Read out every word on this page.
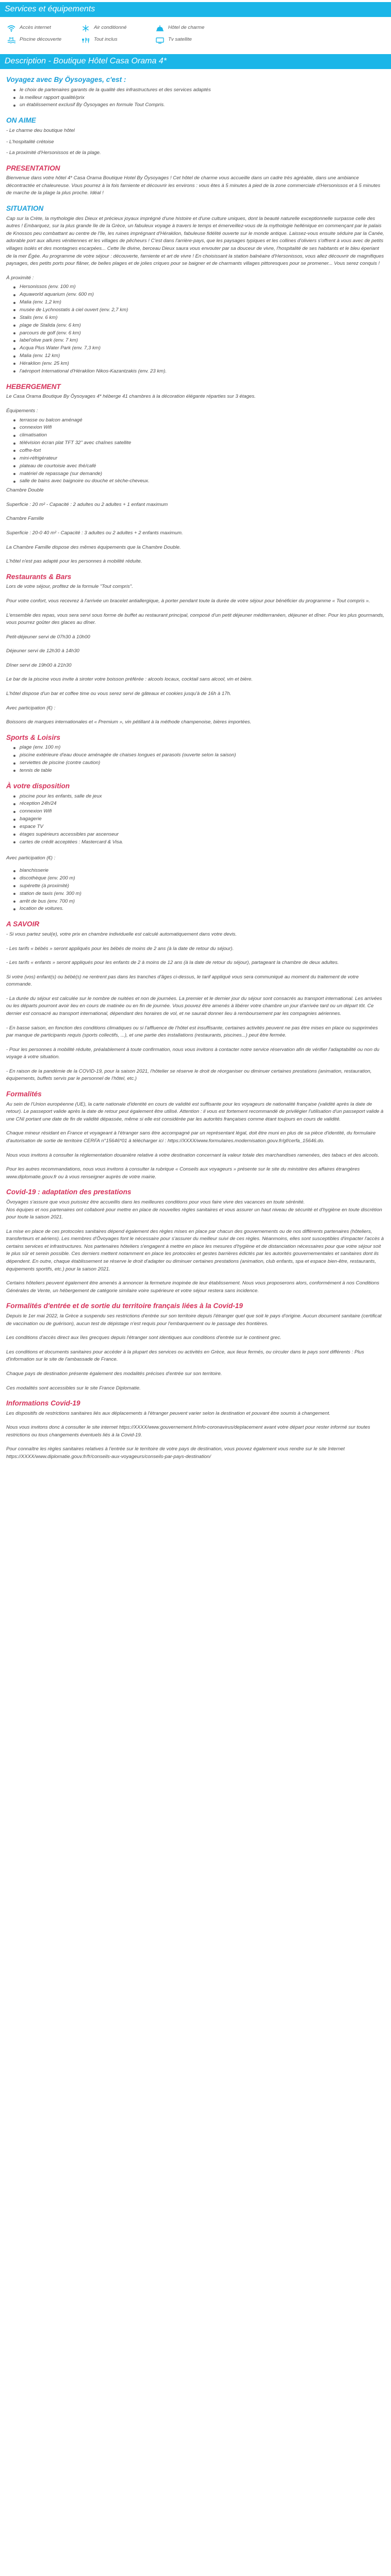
Services et équipements
Accès internet	Air conditionné	Hôtel de charme
Piscine découverte	Tout inclus	Tv satellite
Description - Boutique Hôtel Casa Orama 4*
Voyagez avec By Öysoyages, c'est :
le choix de partenaires garants de la qualité des infrastructures et des services adaptés
la meilleur rapport qualité/prix
un établissement exclusif By Öysoyages en formule Tout Compris.
ON AIME

- Le charme deu boutique hôtel

- L'hospitalité crétoise

- La proximité d'Hersonissos et de la plage.

PRESENTATION

Bienvenue dans votre hôtel 4* Casa Orama Boutique Hotel By Öysoyages ! Cet hôtel de charme vous accueille dans un cadre très agréable, dans une ambiance décontractée et chaleureuse. Vous pourrez à la fois farniente et découvrir les environs : vous êtes à 5 minutes à pied de la zone commerciale d'Hersonissos et à 5 minutes de marche de la plage la plus proche. Idéal !

SITUATION

Cap sur la Crète, la mythologie des Dieux et précieux joyaux imprégné d'une histoire et d'une culture uniques, dont la beauté naturelle exceptionnelle surpasse celle des autres ! Embarquez, sur la plus grande île de la Grèce, un fabuleux voyage à travers le temps et émerveillez-vous de la mythologie hellénique en commençant par le palais de Knossos peu combattant au centre de l'île, les ruines imprégnant d'Héraklion, fabuleuse fidélité ouverte sur le monde antique. Laissez-vous ensuite séduire par la Canée, adorable port aux allures vénitiennes et les villages de pêcheurs ! C'est dans l'arrière-pays, que les paysages typiques et les collines d'oliviers s'offrent à vous avec de petits villages isolés et des montagnes escarpées... Cette île divine, berceau Dieux saura vous envouter par sa douceur de vivre, l'hospitalité de ses habitants et le bleu éperiant de la mer Égée. Au programme de votre séjour : découverte, farniente et art de vivre ! En choisissant la station balnéaire d'Hersonissos, vous allez découvrir de magnifiques paysages, des petits ports pour flâner, de belles plages et de jolies criques pour se baigner et de charmants villages pittoresques pour se promener... Vous serez conquis !

À proximité :

Hersonissos (env. 100 m)
Aquaworld aquarium (env. 600 m)
Malia (env. 1,2 km)
musée de Lychnostatis à ciel ouvert (env. 2,7 km)
Stalis (env. 6 km)
plage de Stalida (env. 6 km)
parcours de golf (env. 6 km)
label'olive park (env. 7 km)
Acqua Plus Water Park (env. 7,3 km)
Malia (env. 12 km)
Héraklion (env. 25 km)
l'aéroport International d'Héraklion Nikos-Kazantzakis (env. 23 km).
HEBERGEMENT

Le Casa Orama Boutique By Öysoyages 4* héberge 41 chambres à la décoration élégante réparties sur 3 étages.

Équipements :

terrasse ou balcon aménagé
connexion Wifi
climatisation
télévision écran plat TFT 32" avec chaînes satellite
coffre-fort
mini-réfrigérateur
plateau de courtoisie avec thé/café
matériel de repassage (sur demande)
salle de bains avec baignoire ou douche et sèche-cheveux.

Chambre Double

Superficie : 20 m² - Capacité : 2 adultes ou 2 adultes + 1 enfant maximum

Chambre Famille

Superficie : 20-0 40 m² - Capacité : 3 adultes ou 2 adultes + 2 enfants maximum.

La Chambre Famille dispose des mêmes équipements que la Chambre Double.

L'hôtel n'est pas adapté pour les personnes à mobilité réduite.

Restaurants & Bars

Lors de votre séjour, profitez de la formule "Tout compris".

Pour votre confort, vous recevrez à l'arrivée un bracelet antiallergique, à porter pendant toute la durée de votre séjour pour bénéficier du programme « Tout compris ».

L'ensemble des repas, vous sera servi sous forme de buffet au restaurant principal, composé d'un petit déjeuner méditerranéen, déjeuner et dîner. Pour les plus gourmands, vous pourrez goûter des glaces au dîner.

Petit-déjeuner servi de 07h30 à 10h00

Déjeuner servi de 12h30 à 14h30

Dîner servi de 19h00 à 21h30

Le bar de la piscine vous invite à siroter votre boisson préférée : alcools locaux, cocktail sans alcool, vin et bière.

L'hôtel dispose d'un bar et coffee time ou vous serez servi de gâteaux et cookies jusqu'à de 16h à 17h.

Avec participation (€) :

Boissons de marques internationales et « Premium », vin pétillant à la méthode champenoise, bières importées.

Sports & Loisirs
plage (env. 100 m)
piscine extérieure d'eau douce aménagée de chaises longues et parasols (ouverte selon la saison)
serviettes de piscine (contre caution)
tennis de table
À votre disposition
piscine pour les enfants, salle de jeux
réception 24h/24
connexion Wifi
bagagerie
espace TV
étages supérieurs accessibles par ascenseur
cartes de crédit acceptées : Mastercard & Visa.

Avec participation (€) :

blanchisserie
discothèque (env. 200 m)
supérette (à proximité)
station de taxis (env. 300 m)
arrêt de bus (env. 700 m)
location de voitures.
A SAVOIR

- Si vous partez seul(e), votre prix en chambre individuelle est calculé automatiquement dans votre devis.

- Les tarifs « bébés » seront appliqués pour les bébés de moins de 2 ans (à la date de retour du séjour).

- Les tarifs « enfants » seront appliqués pour les enfants de 2 à moins de 12 ans (à la date de retour du séjour), partageant la chambre de deux adultes.

Si votre (vos) enfant(s) ou bébé(s) ne rentrent pas dans les tranches d'âges ci-dessus, le tarif appliqué vous sera communiqué au moment du traitement de votre commande.

- La durée du séjour est calculée sur le nombre de nuitées et non de journées. La premier et le dernier jour du séjour sont consacrés au transport international. Les arrivées ou les départs pourront avoir lieu en cours de matinée ou en fin de journée. Vous pouvez être amenés à libérer votre chambre un jour d'arrivée tard ou un départ tôt. Ce dernier est consacré au transport international, dépendant des horaires de vol, et ne saurait donner lieu à remboursement par les compagnies aériennes.

- En basse saison, en fonction des conditions climatiques ou si l'affluence de l'hôtel est insuffisante, certaines activités peuvent ne pas être mises en place ou supprimées par manque de participants requis (sports collectifs, ...), et une partie des installations (restaurants, piscines...) peut être fermée.

- Pour les personnes à mobilité réduite, préalablement à toute confirmation, nous vous invitons à contacter notre service réservation afin de vérifier l'adaptabilité ou non du voyage à votre situation.

- En raison de la pandémie de la COVID-19, pour la saison 2021, l'hôtelier se réserve le droit de réorganiser ou diminuer certaines prestations (animation, restauration, équipements, buffets servis par le personnel de l'hôtel, etc.)

Formalités

Au sein de l'Union européenne (UE), la carte nationale d'identité en cours de validité est suffisante pour les voyageurs de nationalité française (validité après la date de retour). Le passeport valide après la date de retour peut également être utilisé. Attention : il vous est fortement recommandé de privilégier l'utilisation d'un passeport valide à une CNI portant une date de fin de validité dépassée, même si elle est considérée par les autorités françaises comme étant toujours en cours de validité.

Chaque mineur résidant en France et voyageant à l'étranger sans être accompagné par un représentant légal, doit être muni en plus de sa pièce d'identité, du formulaire d'autorisation de sortie de territoire CERFA n°15646*01 à télécharger ici : https://XXXX/www.formulaires.modernisation.gouv.fr/gf/cerfa_15646.do.

Nous vous invitons à consulter la réglementation douanière relative à votre destination concernant la valeur totale des marchandises ramenées, des tabacs et des alcools.

Pour les autres recommandations, nous vous invitons à consulter la rubrique « Conseils aux voyageurs » présente sur le site du ministère des affaires étrangères www.diplomatie.gouv.fr ou à vous renseigner auprès de votre mairie.

Covid-19 : adaptation des prestations

Övoyages s'assure que vous puissiez être accueillis dans les meilleures conditions pour vous faire vivre des vacances en toute sérénité.

Nos équipes et nos partenaires ont collaboré pour mettre en place de nouvelles règles sanitaires et vous assurer un haut niveau de sécurité et d'hygiène en toute discrétion pour toute la saison 2021.

La mise en place de ces protocoles sanitaires dépend également des règles mises en place par chacun des gouvernements ou de nos différents partenaires (hôteliers, transferteurs et aériens). Les membres d'Övoyages font le nécessaire pour s'assurer du meilleur suivi de ces règles. Néanmoins, elles sont susceptibles d'impacter l'accès à certains services et infrastructures. Nos partenaires hôteliers s'engagent à mettre en place les mesures d'hygiène et de distanciation nécessaires pour que votre séjour soit le plus sûr et serein possible. Ces derniers mettent notamment en place les protocoles et gestes barrières édictés par les autorités gouvernementales et sanitaires dont ils dépendent. En outre, chaque établissement se réserve le droit d'adapter ou diminuer certaines prestations (animation, club enfants, spa et espace bien-être, restaurants, équipements sportifs, etc.) pour la saison 2021.

Certains hôteliers peuvent également être amenés à annoncer la fermeture inopinée de leur établissement. Nous vous proposerons alors, conformément à nos Conditions Générales de Vente, un hébergement de catégorie similaire voire supérieure et votre séjour restera sans incidence.

Formalités d'entrée et de sortie du territoire français liées à la Covid-19

Depuis le 1er mai 2022, la Grèce a suspendu ses restrictions d'entrée sur son territoire depuis l'étranger quel que soit le pays d'origine. Aucun document sanitaire (certificat de vaccination ou de guérison), aucun test de dépistage n'est requis pour l'embarquement ou le passage des frontières.

Les conditions d'accès direct aux îles grecques depuis l'étranger sont identiques aux conditions d'entrée sur le continent grec.

Les conditions et documents sanitaires pour accéder à la plupart des services ou activités en Grèce, aux lieux fermés, ou circuler dans le pays sont différents : Plus d'information sur le site de l'ambassade de France.

Chaque pays de destination présente également des modalités précises d'entrée sur son territoire.

Ces modalités sont accessibles sur le site France Diplomatie.

Informations Covid-19

Les dispositifs de restrictions sanitaires liés aux déplacements à l'étranger peuvent varier selon la destination et pouvant être soumis à changement.

Nous vous invitons donc à consulter le site internet https://XXXX/www.gouvernement.fr/info-coronavirus/deplacement avant votre départ pour rester informé sur toutes restrictions ou tous changements éventuels liés à la Covid-19.

Pour connaître les règles sanitaires relatives à l'entrée sur le territoire de votre pays de destination, vous pouvez également vous rendre sur le site Internet https://XXXX/www.diplomatie.gouv.fr/fr/conseils-aux-voyageurs/conseils-par-pays-destination/
